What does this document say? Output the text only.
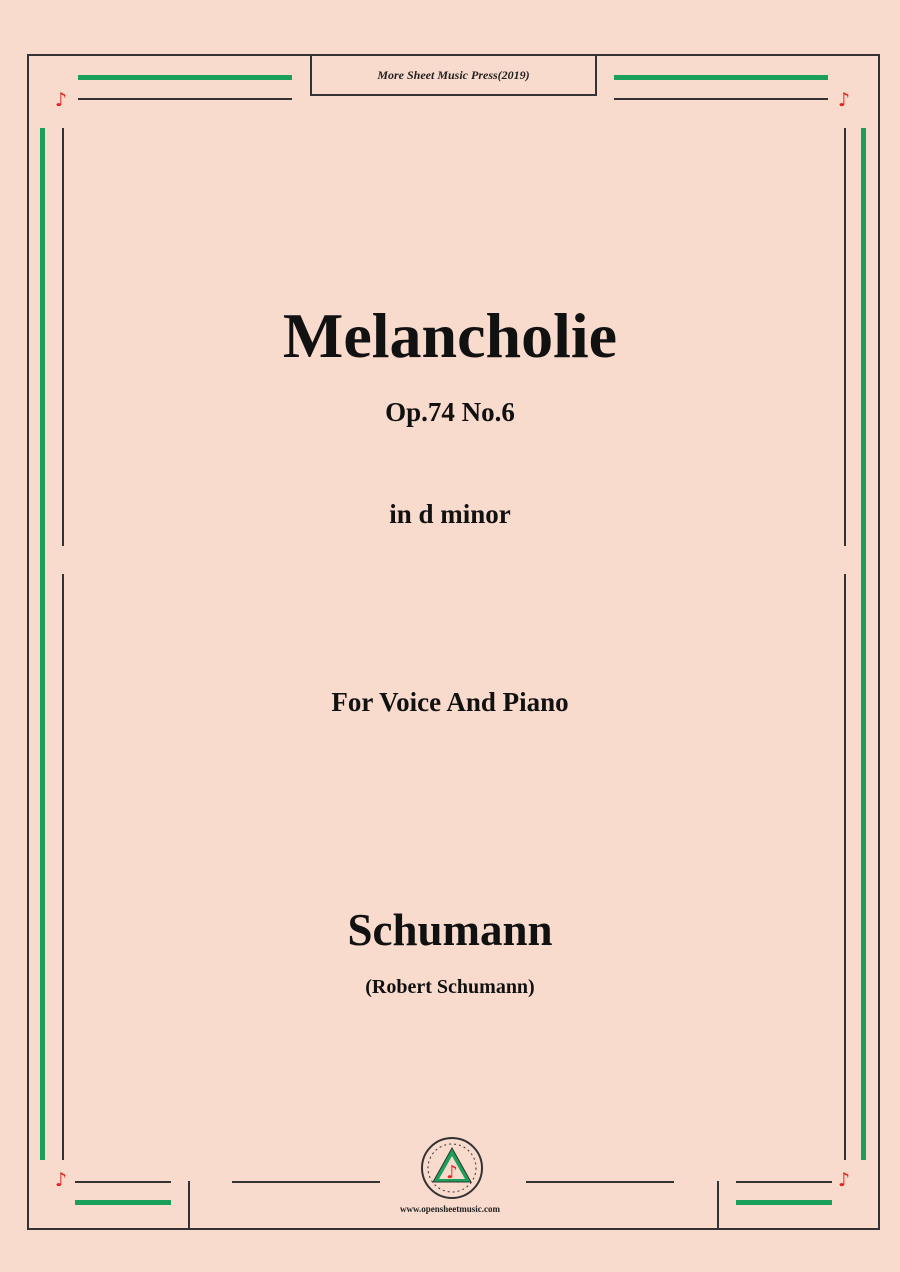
More Sheet Music Press(2019)
♪	♪
♪	♪
Melancholie
Op.74 No.6
in d minor
For Voice And Piano
Schumann
(Robert Schumann)
♪
www.opensheetmusic.com
